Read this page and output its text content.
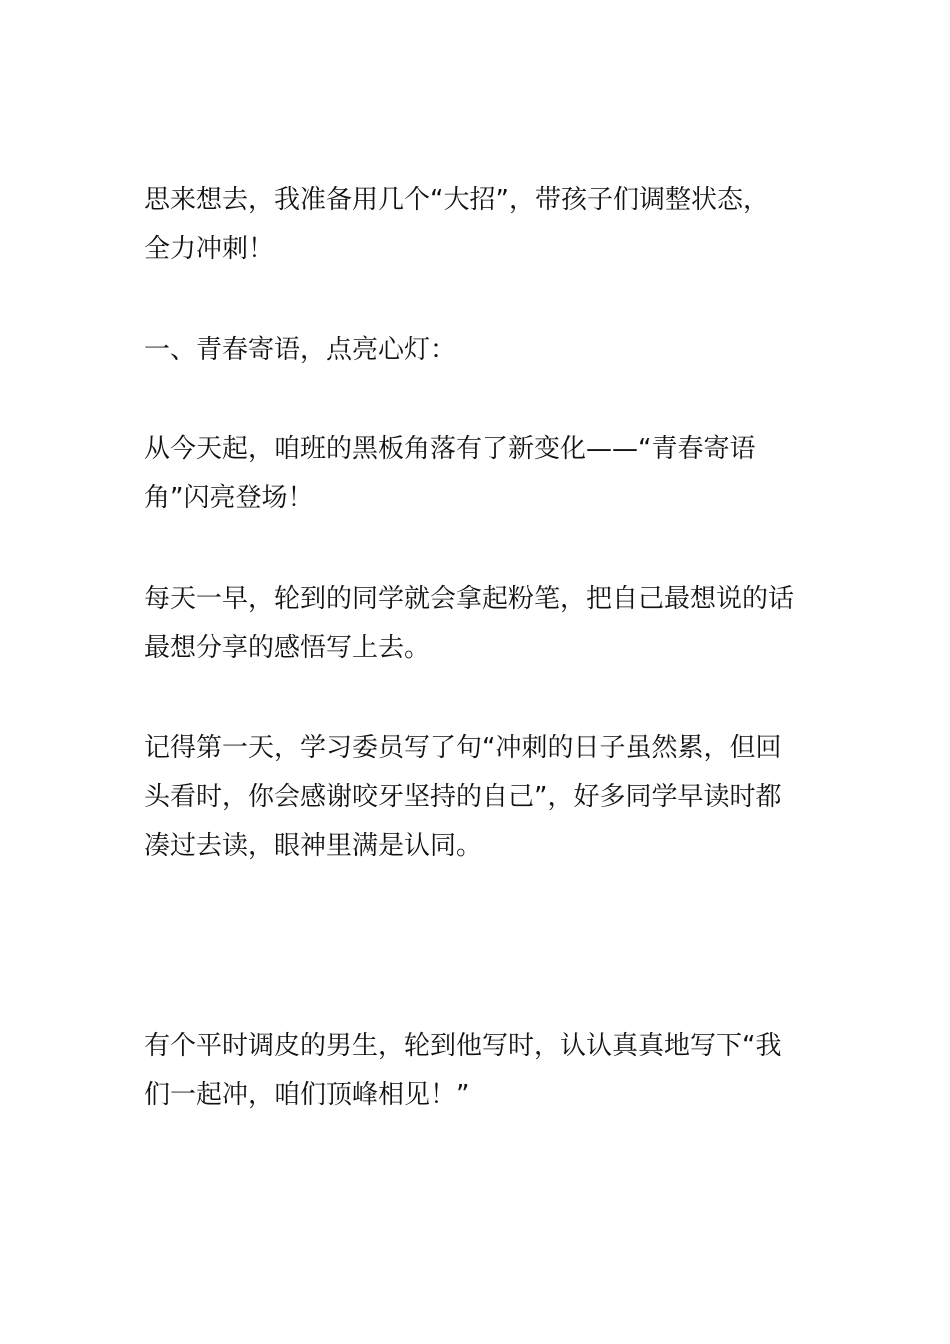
思来想去，我准备用几个“大招”，带孩子们调整状态，
全力冲刺！

一、青春寄语，点亮心灯：

从今天起，咱班的黑板角落有了新变化——“青春寄语
角”闪亮登场！

每天一早，轮到的同学就会拿起粉笔，把自己最想说的话
最想分享的感悟写上去。

记得第一天，学习委员写了句“冲刺的日子虽然累，但回
头看时，你会感谢咬牙坚持的自己”，好多同学早读时都
凑过去读，眼神里满是认同。

有个平时调皮的男生，轮到他写时，认认真真地写下“我
们一起冲，咱们顶峰相见！”
